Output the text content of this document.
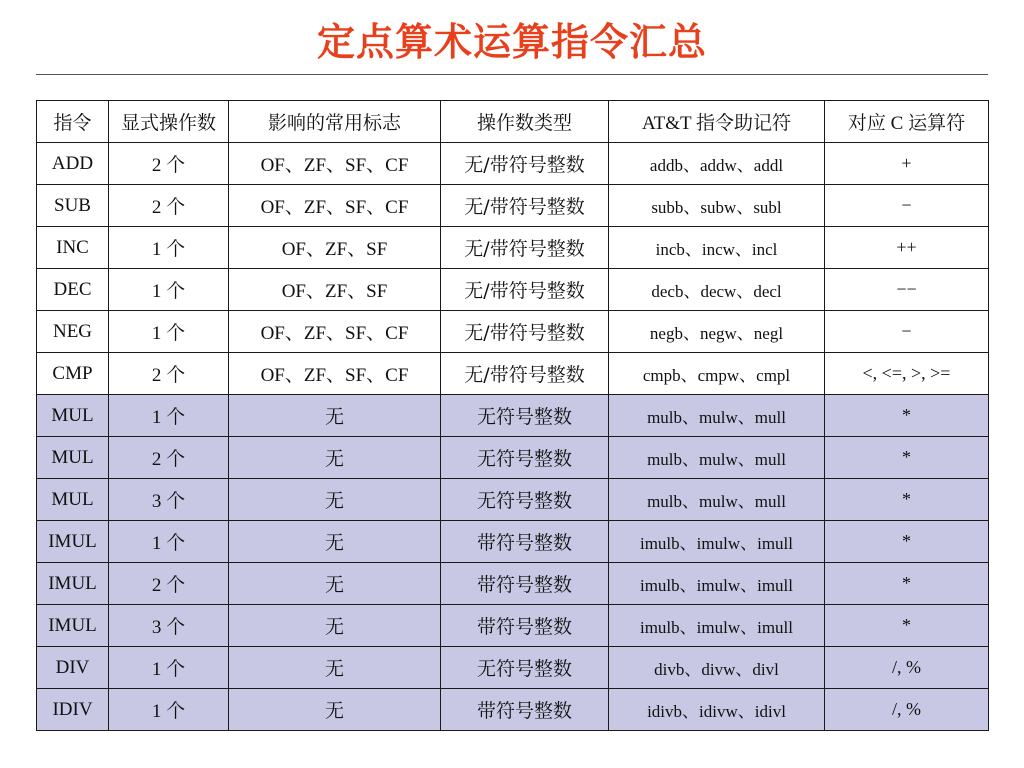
定点算术运算指令汇总
指令	显式操作数	影响的常用标志	操作数类型	AT&T 指令助记符	对应 C 运算符
ADD	2 个	OF、ZF、SF、CF	无/带符号整数	addb、addw、addl	+
SUB	2 个	OF、ZF、SF、CF	无/带符号整数	subb、subw、subl	−
INC	1 个	OF、ZF、SF	无/带符号整数	incb、incw、incl	++
DEC	1 个	OF、ZF、SF	无/带符号整数	decb、decw、decl	−−
NEG	1 个	OF、ZF、SF、CF	无/带符号整数	negb、negw、negl	−
CMP	2 个	OF、ZF、SF、CF	无/带符号整数	cmpb、cmpw、cmpl	<, <=, >, >=
MUL	1 个	无	无符号整数	mulb、mulw、mull	*
MUL	2 个	无	无符号整数	mulb、mulw、mull	*
MUL	3 个	无	无符号整数	mulb、mulw、mull	*
IMUL	1 个	无	带符号整数	imulb、imulw、imull	*
IMUL	2 个	无	带符号整数	imulb、imulw、imull	*
IMUL	3 个	无	带符号整数	imulb、imulw、imull	*
DIV	1 个	无	无符号整数	divb、divw、divl	/, %
IDIV	1 个	无	带符号整数	idivb、idivw、idivl	/, %
